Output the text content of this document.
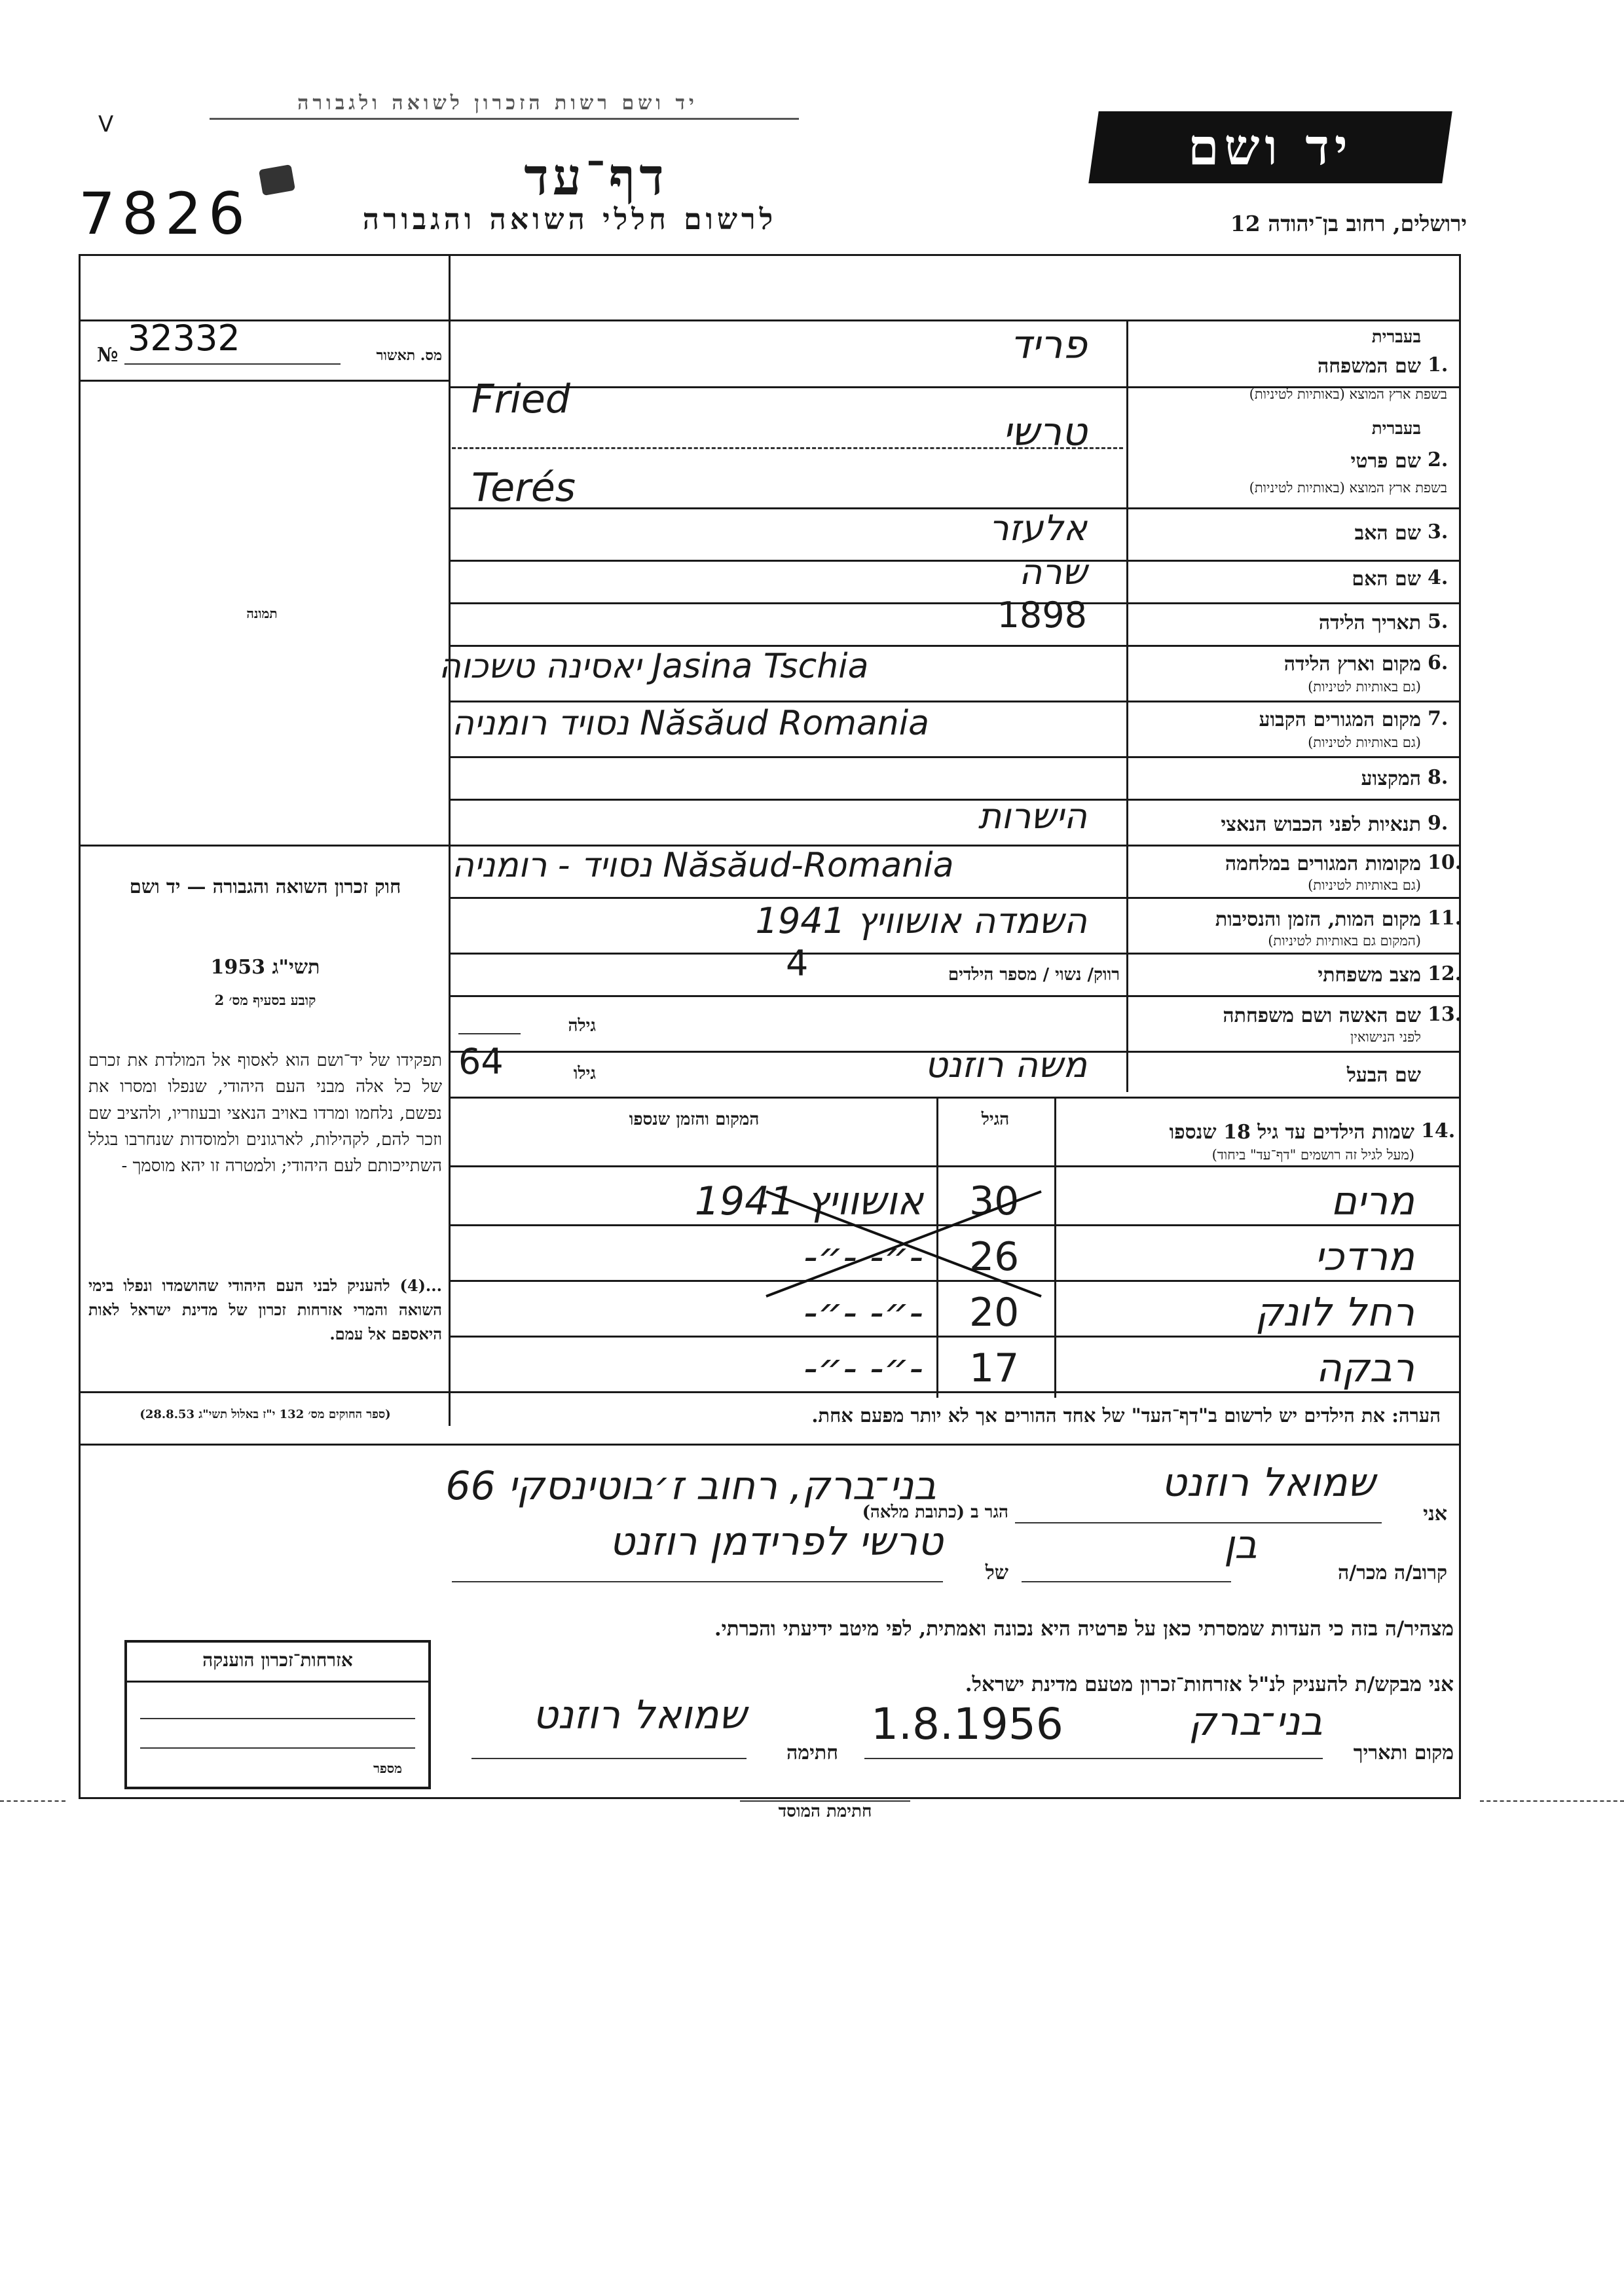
יד ושם רשות הזכרון לשואה ולגבורה
V
7826
דף־עד
לרשום חללי השואה והגבורה
יד ושם
ירושלים, רחוב בן־יהודה 12
№ 32332	מס. תאשור
תמונה
חוק זכרון השואה והגבורה — יד ושם
תשי"ג 1953
קובע בסעיף מס׳ 2
תפקידו של יד־ושם הוא לאסוף אל המולדת את זכרם של כל אלה מבני העם היהודי, שנפלו ומסרו את נפשם, נלחמו ומרדו באויב הנאצי ובעוזריו, ולהציב שם וזכר להם, לקהילות, לארגונים ולמוסדות שנחרבו בגלל השתייכותם לעם היהודי; ולמטרה זו יהא מוסמך -
...(4) להעניק לבני העם היהודי שהושמדו ונפלו בימי השואה והמרי אזרחות זכרון של מדינת ישראל לאות היאספם אל עמם.
(ספר החוקים מס׳ 132 י"ז באלול תשי"ג 28.8.53)
בעברית
1.
שם המשפחה
בשפת ארץ המוצא (באותיות לטיניות)
פריד
Fried
בעברית
2.
שם פרטי
בשפת ארץ המוצא (באותיות לטיניות)
טרשי
Terés
3.
שם האב
אלעזר
4.
שם האם
שרה
5.
תאריך הלידה
1898
6.
מקום וארץ הלידה
(גם באותיות לטיניות)
יאסינה טשכוה Jasina Tschia
7.
מקום המגורים הקבוע
(גם באותיות לטיניות)
נסויד רומניה Năsăud Romania
8.
המקצוע
9.
תנאיות לפני הכבוש הנאצי
הישרות
10.
מקומות המגורים במלחמה
(גם באותיות לטיניות)
נסויד - רומניה Năsăud-Romania
11.
מקום המות, הזמן והנסיבות
(המקום גם באותיות לטיניות)
השמדה אושוויץ 1941
12.
מצב משפחתי
רווק/ נשוי / מספר הילדים
4
13.
שם האשה ושם משפחתה
לפני הנישואין
גילה
שם הבעל
משה רוזנט
גילו
64
14.
שמות הילדים עד גיל 18 שנספו
(מעל לגיל זה רושמים "דף־עד" ביחוד)
הגיל
המקום והזמן שנספו
מרים
30
אושוויץ 1941
מרדכי
26
-״- -״-
רחל לונק
20
-״- -״-
רבקה
17
-״- -״-
הערה: את הילדים יש לרשום ב"דף־העד" של אחד ההורים אך לא יותר מפעם אחת.
אני
שמואל רוזנט
הגר ב (כתובת מלאה)
בני־ברק, רחוב ז׳בוטינסקי 66
קרוב/ה מכר/ה
בן
של
טרשי לפרידמן רוזנט
מצהיר/ה בזה כי העדות שמסרתי כאן על פרטיה היא נכונה ואמתית, לפי מיטב ידיעתי והכרתי.
אני מבקש/ת להעניק לנ"ל אזרחות־זכרון מטעם מדינת ישראל.
מקום ותאריך
בני־ברק
1.8.1956
חתימה
שמואל רוזנט
אזרחות־זכרון הוענקה
מספר
חתימת המוסד
